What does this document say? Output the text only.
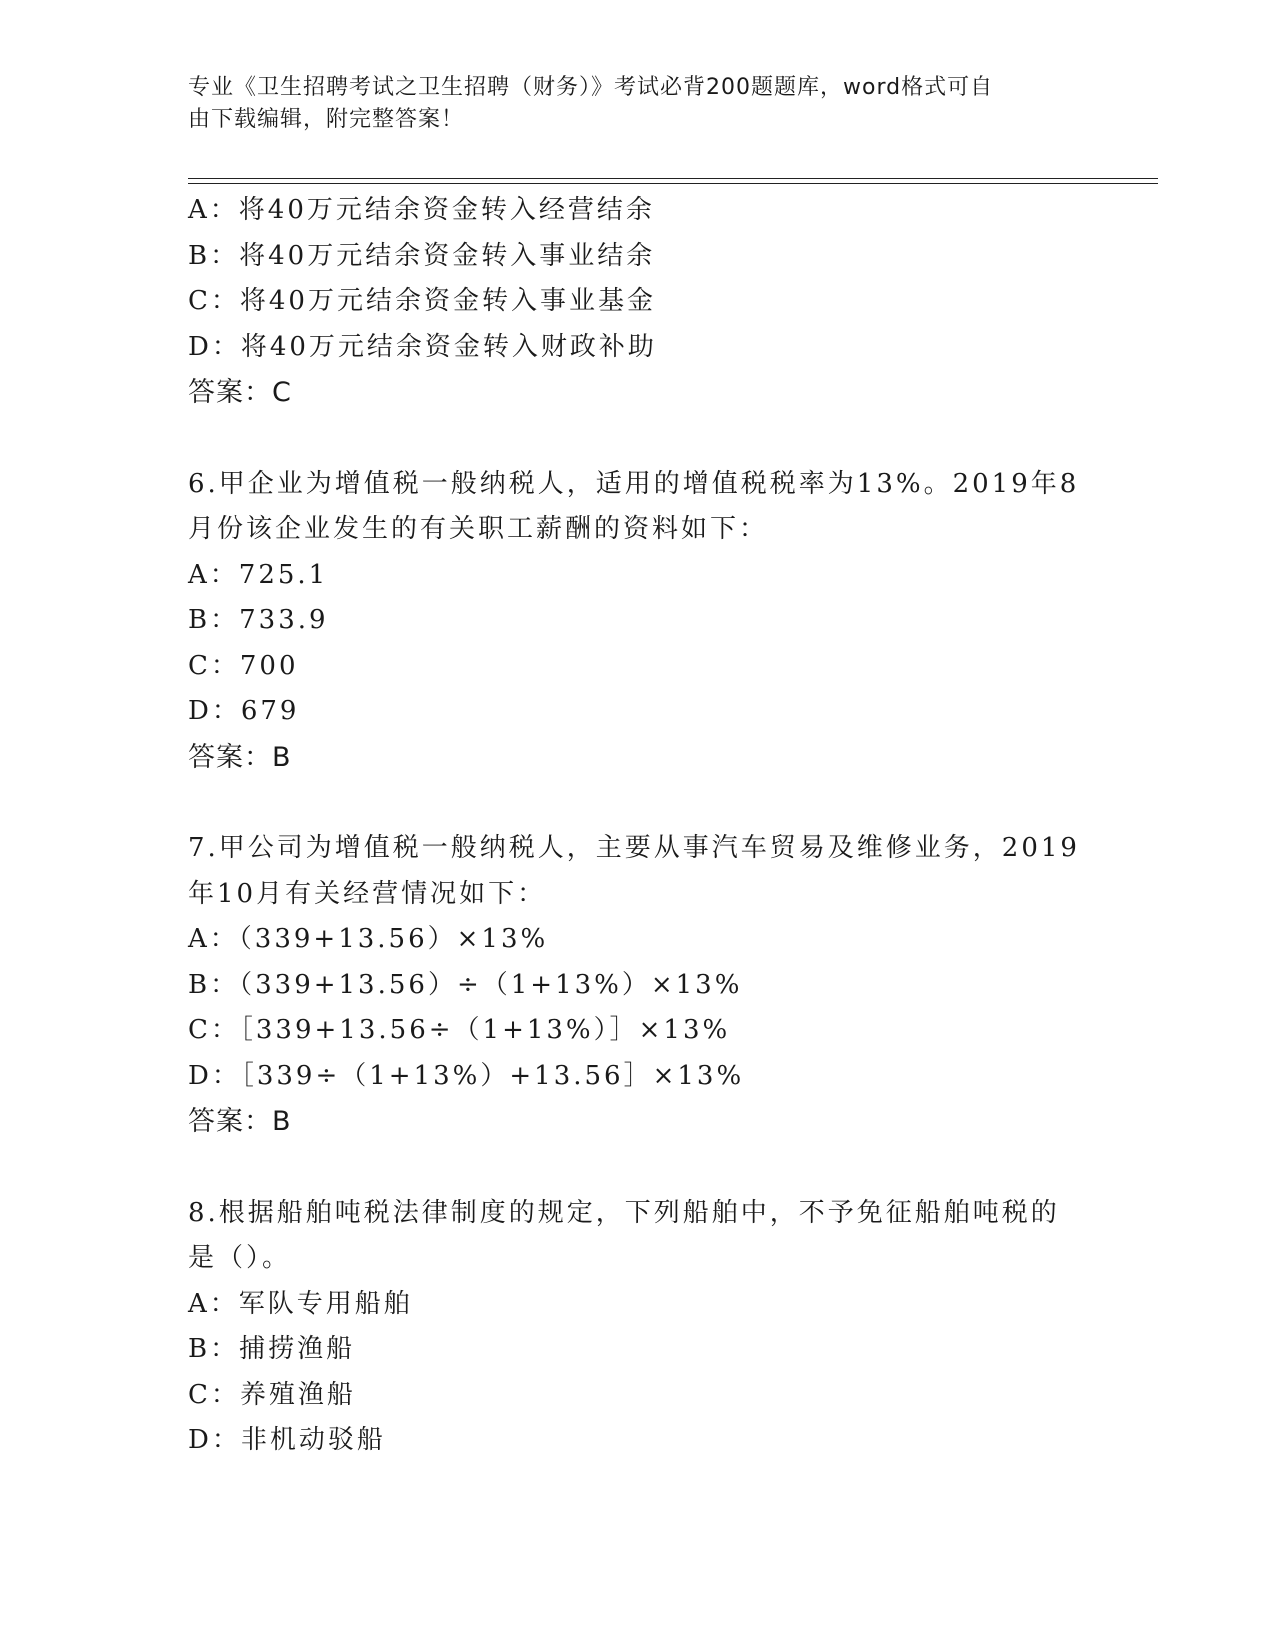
专业《卫生招聘考试之卫生招聘（财务）》考试必背200题题库，word格式可自
由下载编辑，附完整答案！
A：将40万元结余资金转入经营结余
B：将40万元结余资金转入事业结余
C：将40万元结余资金转入事业基金
D：将40万元结余资金转入财政补助
答案：C
6.甲企业为增值税一般纳税人，适用的增值税税率为13%。2019年8
月份该企业发生的有关职工薪酬的资料如下：
A：725.1
B：733.9
C：700
D：679
答案：B
7.甲公司为增值税一般纳税人，主要从事汽车贸易及维修业务，2019
年10月有关经营情况如下：
A：（339+13.56）×13%
B：（339+13.56）÷（1+13%）×13%
C：［339+13.56÷（1+13%）］×13%
D：［339÷（1+13%）+13.56］×13%
答案：B
8.根据船舶吨税法律制度的规定，下列船舶中，不予免征船舶吨税的
是（）。
A：军队专用船舶
B：捕捞渔船
C：养殖渔船
D：非机动驳船
